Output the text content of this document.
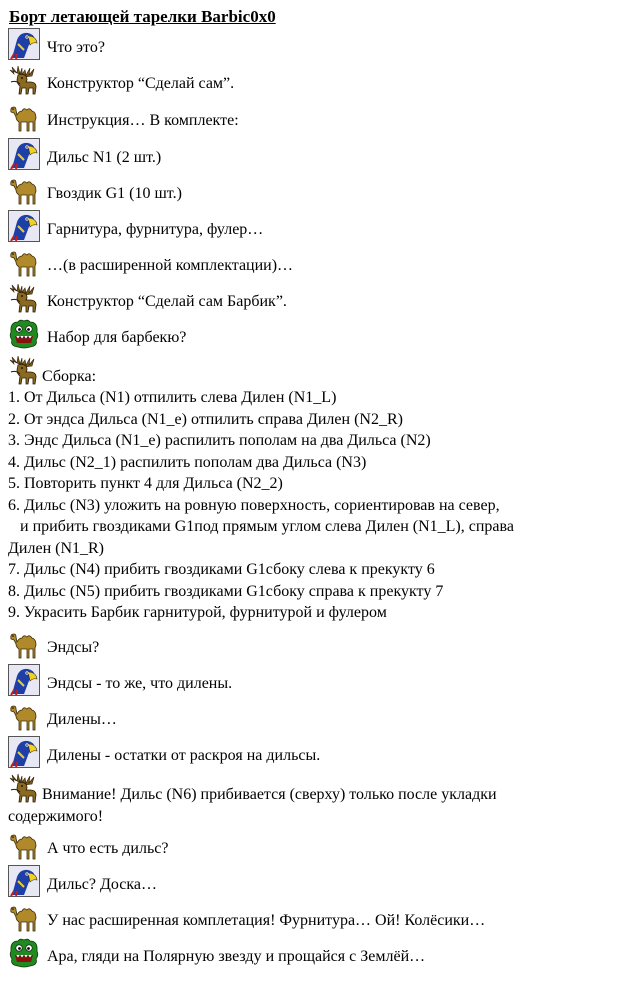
Борт летающей тарелки Barbic0x0
Что это?
Конструктор “Сделай сам”.
Инструкция… В комплекте:
Дильс N1 (2 шт.)
Гвоздик G1 (10 шт.)
Гарнитура, фурнитура, фулер…
…(в расширенной комплектации)…
Конструктор “Сделай сам Барбик”.
Набор для барбекю?
Сборка:
1. От Дильса (N1) отпилить слева Дилен (N1_L)
2. От эндса Дильса (N1_e) отпилить справа Дилен (N2_R)
3. Эндс Дильса (N1_e) распилить пополам на два Дильса (N2)
4. Дильс (N2_1) распилить пополам два Дильса (N3)
5. Повторить пункт 4 для Дильса (N2_2)
6. Дильс (N3) уложить на ровную поверхность, сориентировав на север,
и прибить гвоздиками G1под прямым углом слева Дилен (N1_L), справа
Дилен (N1_R)
7. Дильс (N4) прибить гвоздиками G1сбоку слева к прекукту 6
8. Дильс (N5) прибить гвоздиками G1сбоку справа к прекукту 7
9. Украсить Барбик гарнитурой, фурнитурой и фулером
Эндсы?
Эндсы - то же, что дилены.
Дилены…
Дилены - остатки от раскроя на дильсы.
Внимание! Дильс (N6) прибивается (сверху) только после укладки
содержимого!
А что есть дильс?
Дильс? Доска…
У нас расширенная комплетация! Фурнитура… Ой! Колёсики…
Ара, гляди на Полярную звезду и прощайся с Землёй…
